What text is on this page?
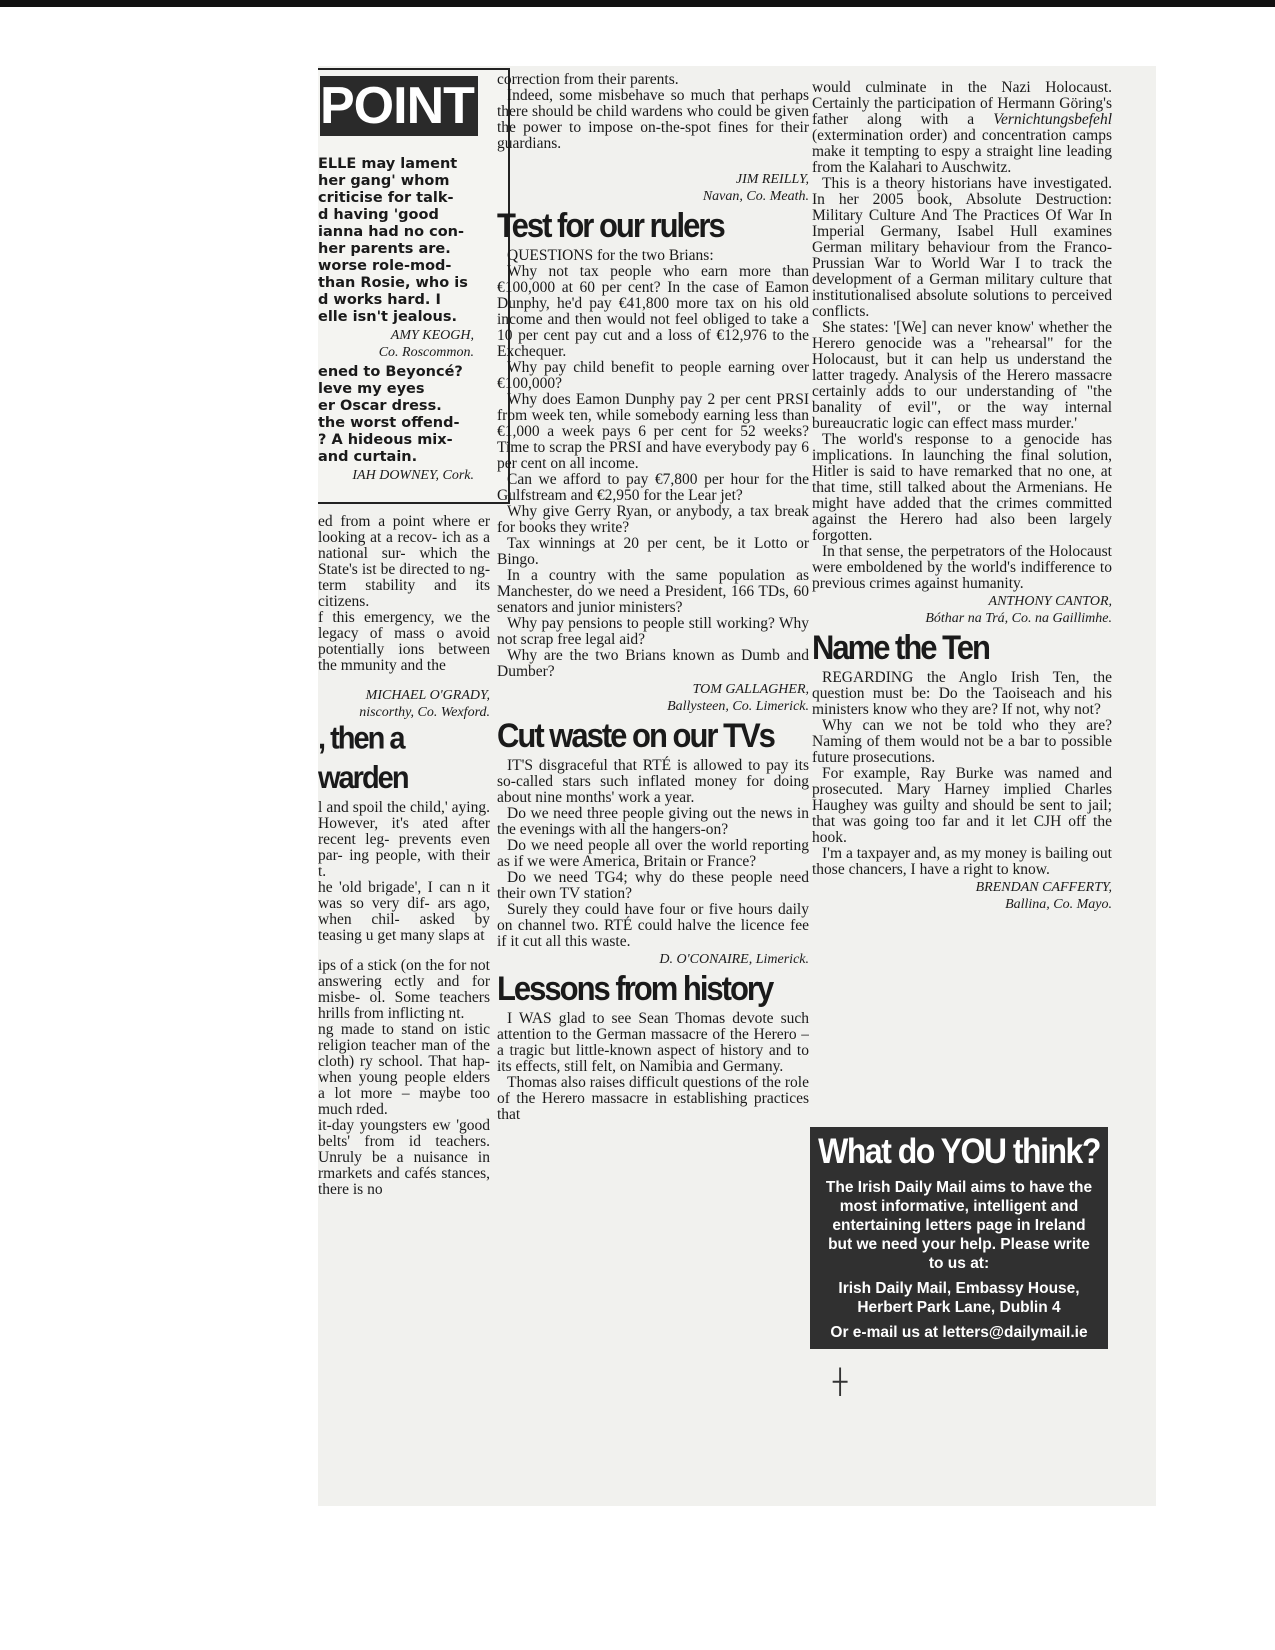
ELLE may lament

her gang' whom

criticise for talk-

d having 'good

ianna had no con-

her parents are.

worse role-mod-

than Rosie, who is

d works hard. I

elle isn't jealous.

AMY KEOGH,
Co. Roscommon.

ened to Beyoncé?

leve my eyes

er Oscar dress.

the worst offend-

? A hideous mix-

and curtain.

IAH DOWNEY, Cork.
POINT

ed from a point where er looking at a recov- ich as a national sur- which the State's ist be directed to ng-term stability and its citizens.

f this emergency, we the legacy of mass o avoid potentially ions between the mmunity and the

MICHAEL O'GRADY,
niscorthy, Co. Wexford.
, then a warden

l and spoil the child,' aying. However, it's ated after recent leg- prevents even par- ing people, with their t.

he 'old brigade', I can n it was so very dif- ars ago, when chil- asked by teasing u get many slaps at

ips of a stick (on the for not answering ectly and for misbe- ol. Some teachers hrills from inflicting nt.

ng made to stand on istic religion teacher man of the cloth) ry school. That hap- when young people elders a lot more – maybe too much rded.

it-day youngsters ew 'good belts' from id teachers. Unruly be a nuisance in rmarkets and cafés stances, there is no

correction from their parents.

Indeed, some misbehave so much that perhaps there should be child wardens who could be given the power to impose on-the-spot fines for their guardians.

JIM REILLY,
Navan, Co. Meath.
Test for our rulers

QUESTIONS for the two Brians:

Why not tax people who earn more than €100,000 at 60 per cent? In the case of Eamon Dunphy, he'd pay €41,800 more tax on his old income and then would not feel obliged to take a 10 per cent pay cut and a loss of €12,976 to the Exchequer.

Why pay child benefit to people earning over €100,000?

Why does Eamon Dunphy pay 2 per cent PRSI from week ten, while somebody earning less than €1,000 a week pays 6 per cent for 52 weeks? Time to scrap the PRSI and have everybody pay 6 per cent on all income.

Can we afford to pay €7,800 per hour for the Gulfstream and €2,950 for the Lear jet?

Why give Gerry Ryan, or anybody, a tax break for books they write?

Tax winnings at 20 per cent, be it Lotto or Bingo.

In a country with the same population as Manchester, do we need a President, 166 TDs, 60 senators and junior ministers?

Why pay pensions to people still working? Why not scrap free legal aid?

Why are the two Brians known as Dumb and Dumber?

TOM GALLAGHER,
Ballysteen, Co. Limerick.
Cut waste on our TVs

IT'S disgraceful that RTÉ is allowed to pay its so-called stars such inflated money for doing about nine months' work a year.

Do we need three people giving out the news in the evenings with all the hangers-on?

Do we need people all over the world reporting as if we were America, Britain or France?

Do we need TG4; why do these people need their own TV station?

Surely they could have four or five hours daily on channel two. RTÉ could halve the licence fee if it cut all this waste.

D. O'CONAIRE, Limerick.
Lessons from history

I WAS glad to see Sean Thomas devote such attention to the German massacre of the Herero – a tragic but little-known aspect of history and to its effects, still felt, on Namibia and Germany.

Thomas also raises difficult questions of the role of the Herero massacre in establishing practices that

would culminate in the Nazi Holocaust. Certainly the participation of Hermann Göring's father along with a Vernichtungsbefehl (extermination order) and concentration camps make it tempting to espy a straight line leading from the Kalahari to Auschwitz.

This is a theory historians have investigated. In her 2005 book, Absolute Destruction: Military Culture And The Practices Of War In Imperial Germany, Isabel Hull examines German military behaviour from the Franco-Prussian War to World War I to track the development of a German military culture that institutionalised absolute solutions to perceived conflicts.

She states: '[We] can never know' whether the Herero genocide was a "rehearsal" for the Holocaust, but it can help us understand the latter tragedy. Analysis of the Herero massacre certainly adds to our understanding of "the banality of evil", or the way internal bureaucratic logic can effect mass murder.'

The world's response to a genocide has implications. In launching the final solution, Hitler is said to have remarked that no one, at that time, still talked about the Armenians. He might have added that the crimes committed against the Herero had also been largely forgotten.

In that sense, the perpetrators of the Holocaust were emboldened by the world's indifference to previous crimes against humanity.

ANTHONY CANTOR,
Bóthar na Trá, Co. na Gaillimhe.
Name the Ten

REGARDING the Anglo Irish Ten, the question must be: Do the Taoiseach and his ministers know who they are? If not, why not?

Why can we not be told who they are? Naming of them would not be a bar to possible future prosecutions.

For example, Ray Burke was named and prosecuted. Mary Harney implied Charles Haughey was guilty and should be sent to jail; that was going too far and it let CJH off the hook.

I'm a taxpayer and, as my money is bailing out those chancers, I have a right to know.

BRENDAN CAFFERTY,
Ballina, Co. Mayo.
What do YOU think?
The Irish Daily Mail aims to have the most informative, intelligent and entertaining letters page in Ireland but we need your help. Please write to us at:
Irish Daily Mail, Embassy House,
Herbert Park Lane, Dublin 4
Or e-mail us at letters@dailymail.ie
┼
